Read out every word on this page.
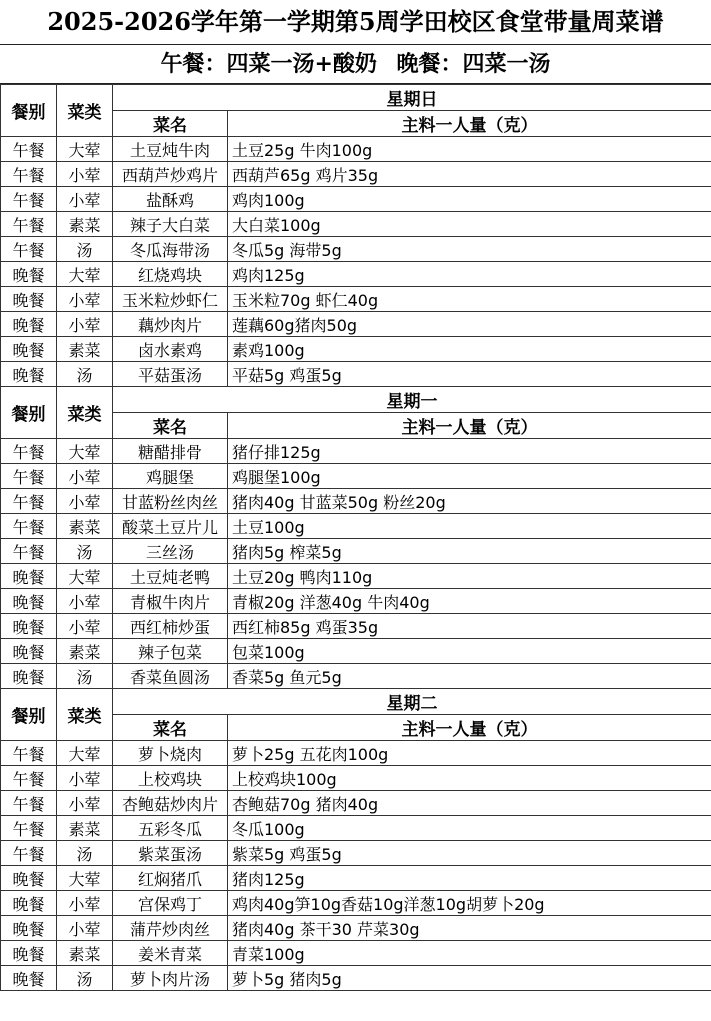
2025-2026学年第一学期第5周学田校区食堂带量周菜谱
午餐：四菜一汤+酸奶 晚餐：四菜一汤
餐别	菜类	星期日	
		菜名	主料一人量（克）
午餐	大荤	土豆炖牛肉	土豆25g 牛肉100g
午餐	小荤	西葫芦炒鸡片	西葫芦65g 鸡片35g
午餐	小荤	盐酥鸡	鸡肉100g
午餐	素菜	辣子大白菜	大白菜100g
午餐	汤	冬瓜海带汤	冬瓜5g 海带5g
晚餐	大荤	红烧鸡块	鸡肉125g
晚餐	小荤	玉米粒炒虾仁	玉米粒70g 虾仁40g
晚餐	小荤	藕炒肉片	莲藕60g猪肉50g
晚餐	素菜	卤水素鸡	素鸡100g
晚餐	汤	平菇蛋汤	平菇5g 鸡蛋5g
餐别	菜类	星期一	
		菜名	主料一人量（克）
午餐	大荤	糖醋排骨	猪仔排125g
午餐	小荤	鸡腿堡	鸡腿堡100g
午餐	小荤	甘蓝粉丝肉丝	猪肉40g 甘蓝菜50g 粉丝20g
午餐	素菜	酸菜土豆片儿	土豆100g
午餐	汤	三丝汤	猪肉5g 榨菜5g
晚餐	大荤	土豆炖老鸭	土豆20g 鸭肉110g
晚餐	小荤	青椒牛肉片	青椒20g 洋葱40g 牛肉40g
晚餐	小荤	西红柿炒蛋	西红柿85g 鸡蛋35g
晚餐	素菜	辣子包菜	包菜100g
晚餐	汤	香菜鱼圆汤	香菜5g 鱼元5g
餐别	菜类	星期二	
		菜名	主料一人量（克）
午餐	大荤	萝卜烧肉	萝卜25g 五花肉100g
午餐	小荤	上校鸡块	上校鸡块100g
午餐	小荤	杏鲍菇炒肉片	杏鲍菇70g 猪肉40g
午餐	素菜	五彩冬瓜	冬瓜100g
午餐	汤	紫菜蛋汤	紫菜5g 鸡蛋5g
晚餐	大荤	红焖猪爪	猪肉125g
晚餐	小荤	宫保鸡丁	鸡肉40g笋10g香菇10g洋葱10g胡萝卜20g
晚餐	小荤	蒲芹炒肉丝	猪肉40g 茶干30 芹菜30g
晚餐	素菜	姜米青菜	青菜100g
晚餐	汤	萝卜肉片汤	萝卜5g 猪肉5g
